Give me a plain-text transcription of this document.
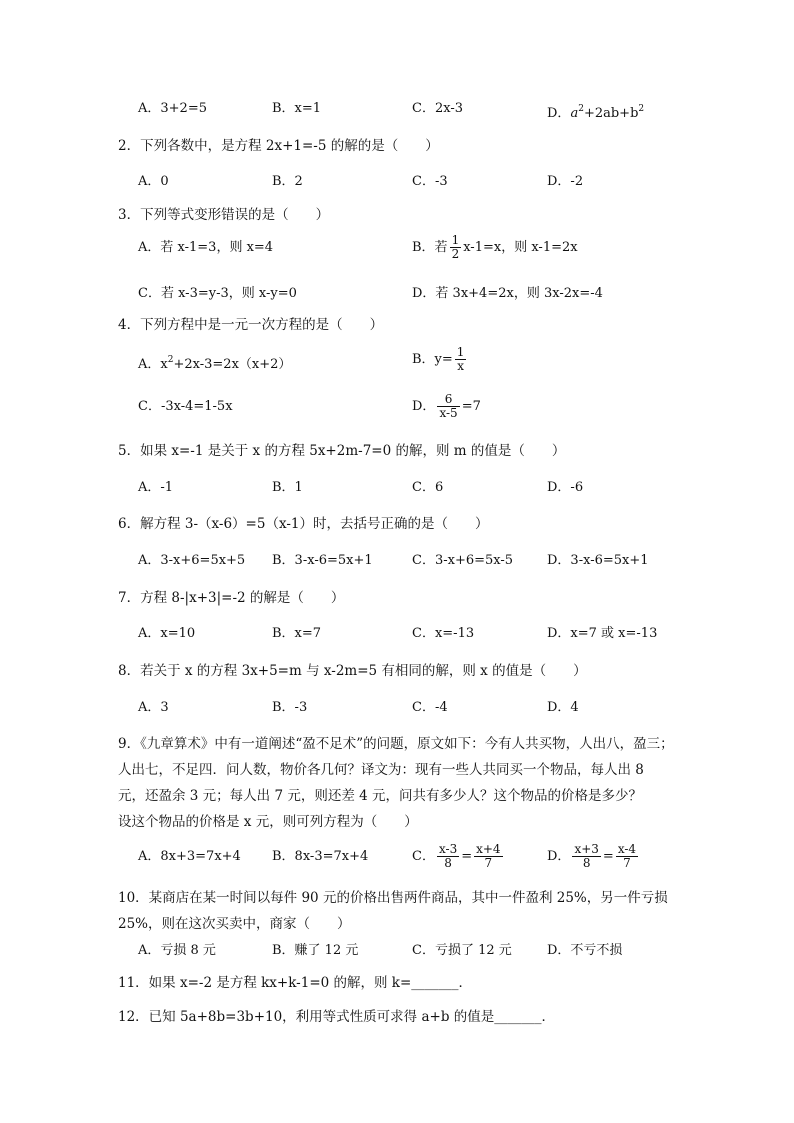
A．3+2=5	B．x=1	C．2x-3	D．$a^2+2ab+b^2$
2．下列各数中，是方程 2x+1=-5 的解的是（　　）
A．0	B．2	C．-3	D．-2
3．下列等式变形错误的是（　　）
A．若 x-1=3，则 x=4	B．若 $\frac{1}{2} x-1=x$，则 x-1=2x
C．若 x-3=y-3，则 x-y=0	D．若 3x+4=2x，则 3x-2x=-4
4．下列方程中是一元一次方程的是（　　）
A．$x^2+2x-3=2x(x+2)$	B．$y= \frac{1}{x}$
C．-3x-4=1-5x	D． $\frac{6}{x-5} =7$
5．如果 x=-1 是关于 x 的方程 5x+2m-7=0 的解，则 m 的值是（　　）
A．-1	B．1	C．6	D．-6
6．解方程 3-（x-6）=5（x-1）时，去括号正确的是（　　）
A．3-x+6=5x+5 B．3-x-6=5x+1	C．3-x+6=5x-5	D．3-x-6=5x+1
7．方程 8-|x+3|=-2 的解是（　　）
A．x=10	B．x=7	C．x=-13	D．x=7 或 x=-13
8．若关于 x 的方程 3x+5=m 与 x-2m=5 有相同的解，则 x 的值是（　　）
A．3	B．-3	C．-4	D．4
9．《九章算术》中有一道阐述“盈不足术”的问题，原文如下：今有人共买物，人出八，盈三；
人出七，不足四．问人数，物价各几何？译文为：现有一些人共同买一个物品，每人出 8
元，还盈余 3 元；每人出 7 元，则还差 4 元，问共有多少人？这个物品的价格是多少？
设这个物品的价格是 x 元，则可列方程为（　　）
A．8x+3=7x+4 B．8x-3=7x+4	C． $\frac{x-3}{8} = \frac{x+4}{7}$	D． $\frac{x+3}{8} = \frac{x-4}{7}$
10．某商店在某一时间以每件 90 元的价格出售两件商品，其中一件盈利 25%，另一件亏损
25%，则在这次买卖中，商家（　　）
A．亏损 8 元	B．赚了 12 元	C．亏损了 12 元	D．不亏不损
11．如果 x=-2 是方程 kx+k-1=0 的解，则 k=_______．
12．已知 5a+8b=3b+10，利用等式性质可求得 a+b 的值是_______．
